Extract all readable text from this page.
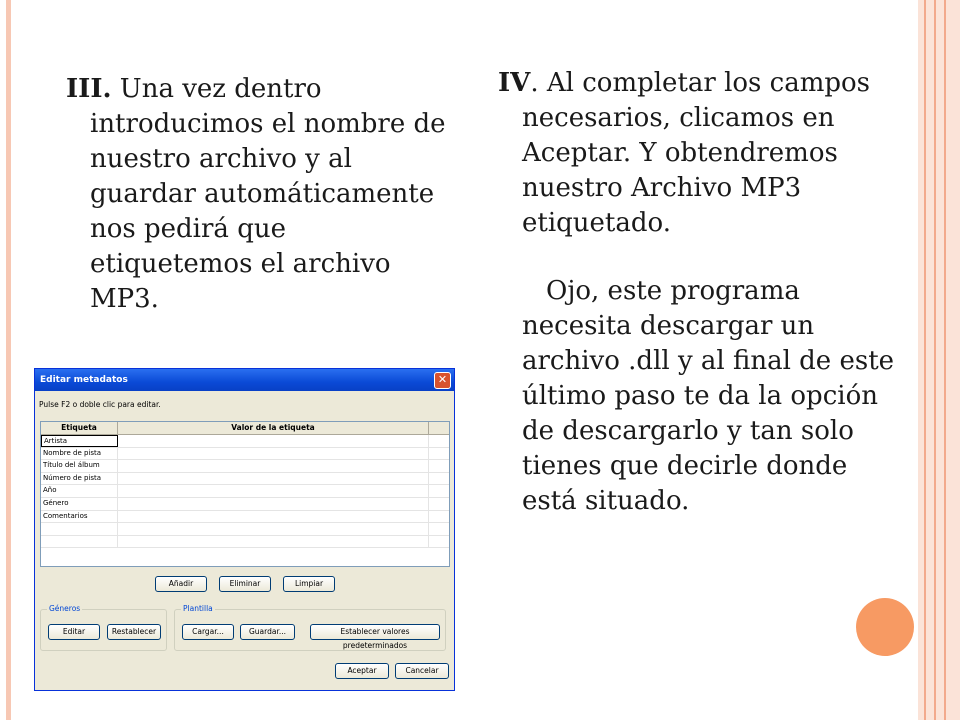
III. Una vez dentro introducimos el nombre de nuestro archivo y al guardar automáticamente nos pedirá que etiquetemos el archivo MP3.

IV. Al completar los campos necesarios, clicamos en Aceptar. Y obtendremos nuestro Archivo MP3 etiquetado.

Ojo, este programa necesita descargar un archivo .dll y al final de este último paso te da la opción de descargarlo y tan solo tienes que decirle donde está situado.

Editar metadatos	✕
Pulse F2 o doble clic para editar.
Etiqueta	Valor de la etiqueta
Artista
Nombre de pista
Título del álbum
Número de pista
Año
Género
Comentarios
Añadir	Eliminar	Limpiar
Géneros
Editar	Restablecer
Plantilla
Cargar...	Guardar...	Establecer valores predeterminados
Aceptar	Cancelar
